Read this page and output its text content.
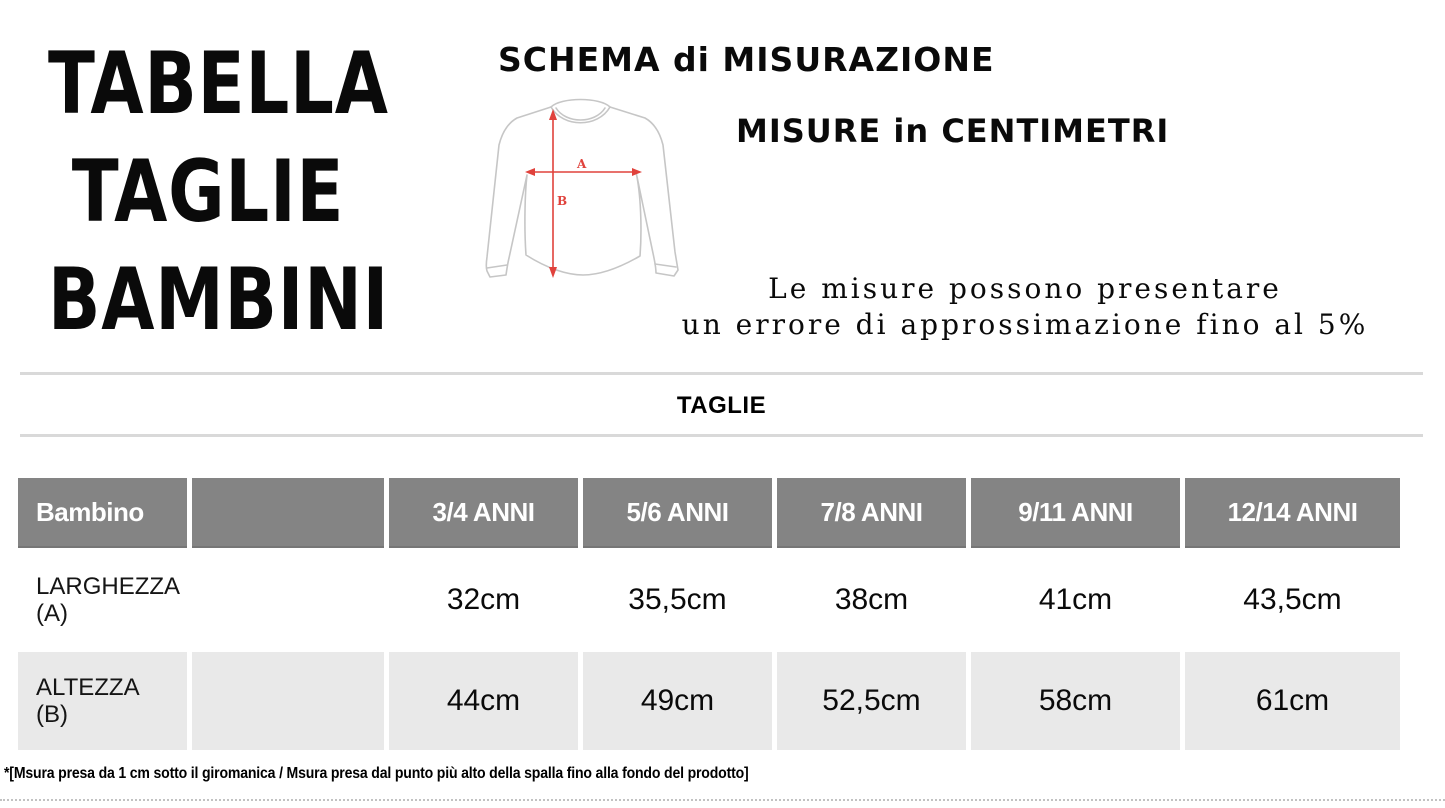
TABELLA
TAGLIE
BAMBINI
SCHEMA di MISURAZIONE
MISURE in CENTIMETRI
A
B
Le misure possono presentare
un errore di approssimazione fino al 5%
TAGLIE
Bambino	3/4 ANNI	5/6 ANNI	7/8 ANNI	9/11 ANNI	12/14 ANNI
LARGHEZZA
(A)	32cm	35,5cm	38cm	41cm	43,5cm
ALTEZZA
(B)	44cm	49cm	52,5cm	58cm	61cm
*[Msura presa da 1 cm sotto il giromanica / Msura presa dal punto più alto della spalla fino alla fondo del prodotto]
